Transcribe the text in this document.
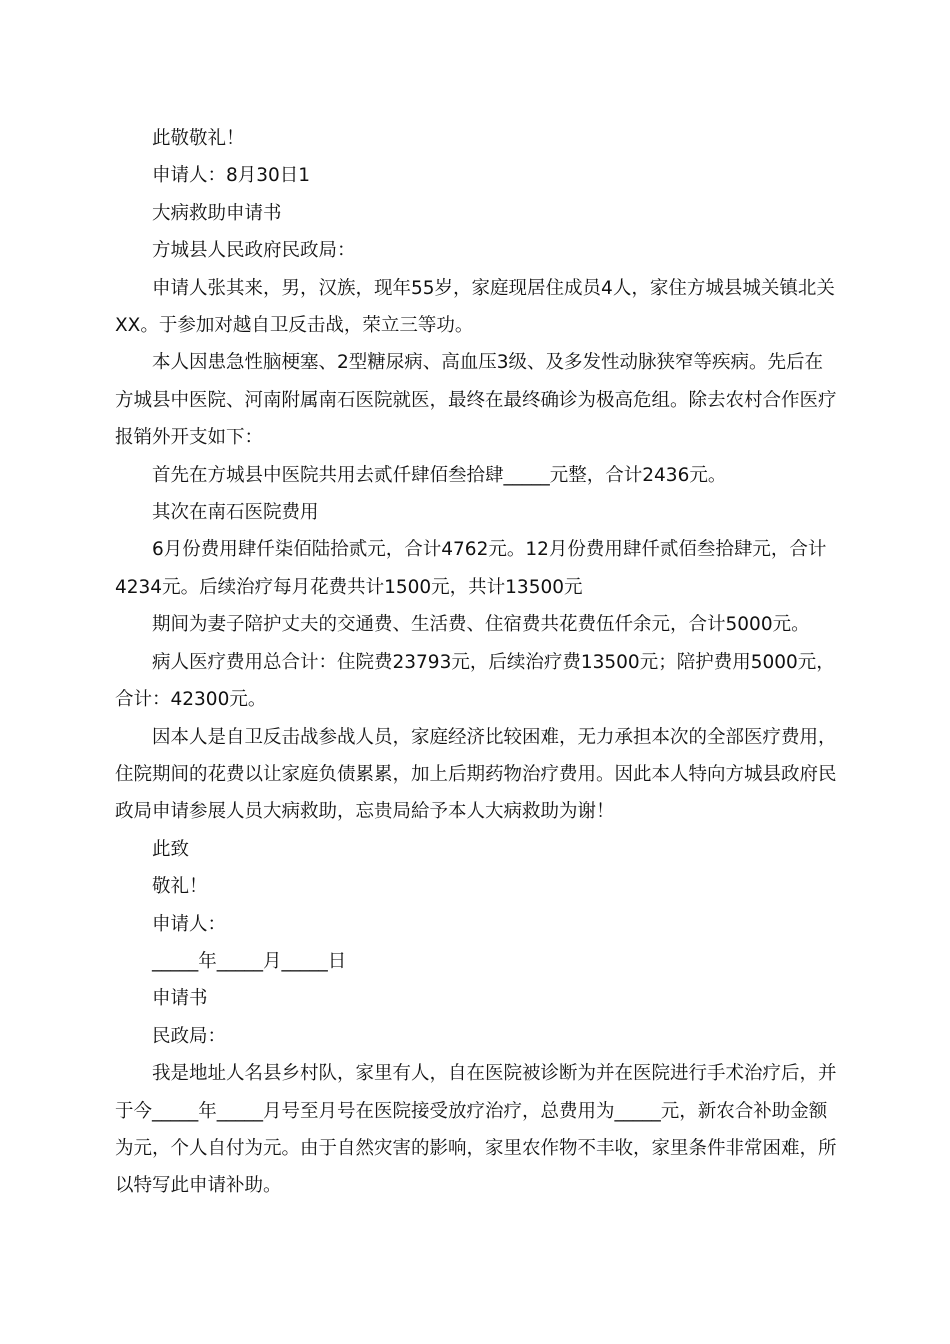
此敬敬礼！

申请人：8月30日1

大病救助申请书

方城县人民政府民政局：

申请人张其来，男，汉族，现年55岁，家庭现居住成员4人，家住方城县城关镇北关XX。于参加对越自卫反击战，荣立三等功。

本人因患急性脑梗塞、2型糖尿病、高血压3级、及多发性动脉狭窄等疾病。先后在方城县中医院、河南附属南石医院就医，最终在最终确诊为极高危组。除去农村合作医疗报销外开支如下：

首先在方城县中医院共用去贰仟肆佰叁拾肆_____元整，合计2436元。

其次在南石医院费用

6月份费用肆仟柒佰陆拾贰元，合计4762元。12月份费用肆仟贰佰叁拾肆元，合计4234元。后续治疗每月花费共计1500元，共计13500元

期间为妻子陪护丈夫的交通费、生活费、住宿费共花费伍仟余元，合计5000元。

病人医疗费用总合计：住院费23793元，后续治疗费13500元；陪护费用5000元，合计：42300元。

因本人是自卫反击战参战人员，家庭经济比较困难，无力承担本次的全部医疗费用，住院期间的花费以让家庭负债累累，加上后期药物治疗费用。因此本人特向方城县政府民政局申请参展人员大病救助，忘贵局給予本人大病救助为谢！

此致

敬礼！

申请人：

_____年_____月_____日

申请书

民政局：

我是地址人名县乡村队，家里有人，自在医院被诊断为并在医院进行手术治疗后，并于今_____年_____月号至月号在医院接受放疗治疗，总费用为_____元，新农合补助金额为元，个人自付为元。由于自然灾害的影响，家里农作物不丰收，家里条件非常困难，所以特写此申请补助。
